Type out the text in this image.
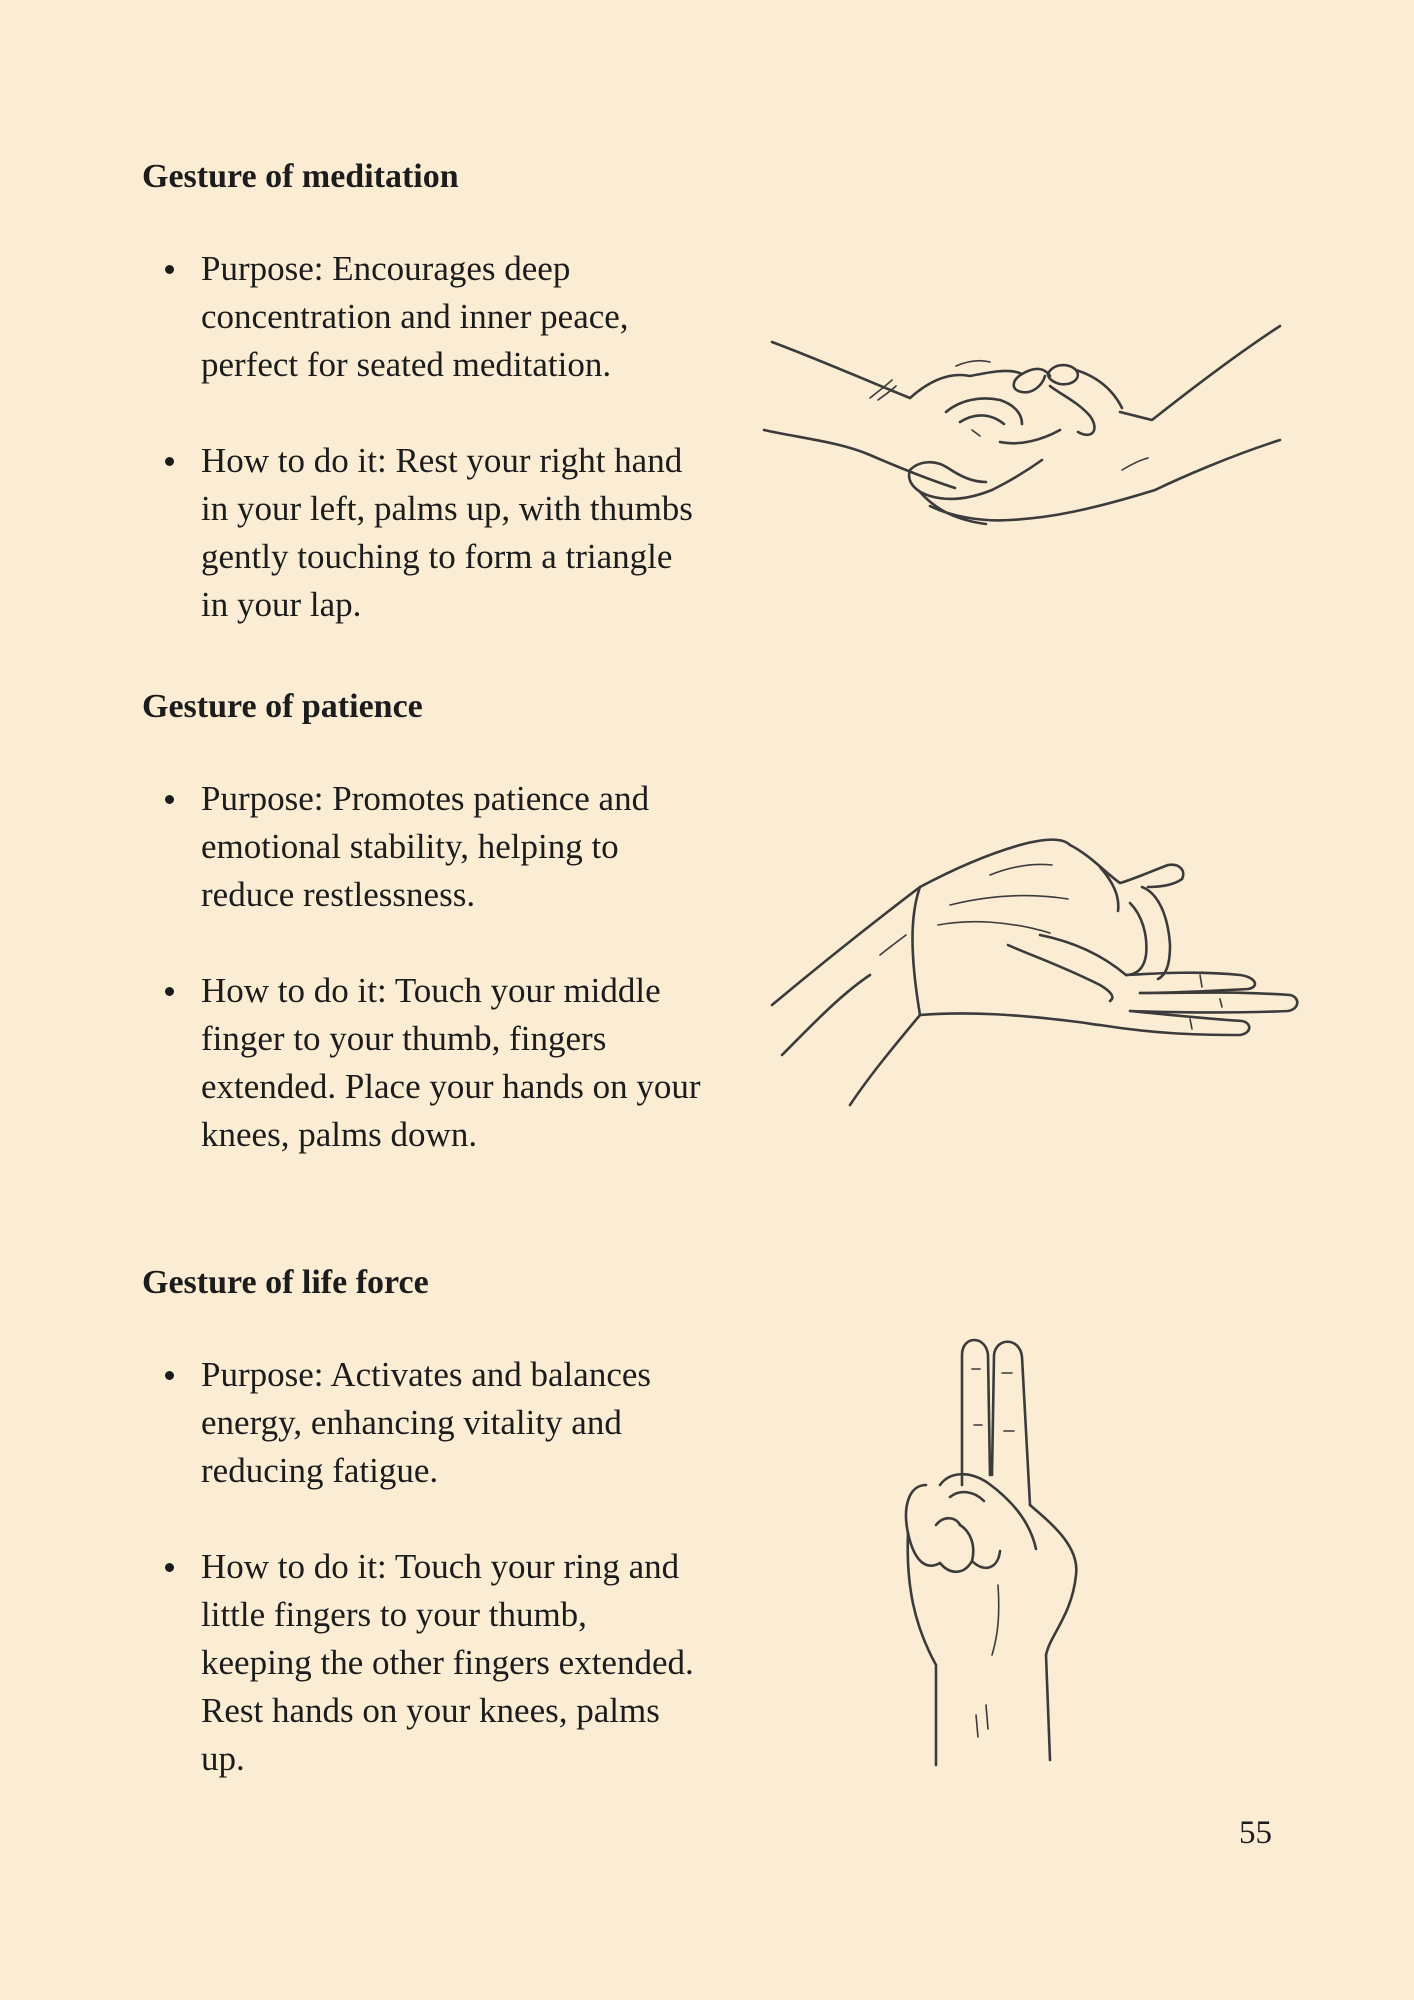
Gesture of meditation
Purpose: Encourages deep concentration and inner peace, perfect for seated meditation.
How to do it: Rest your right hand in your left, palms up, with thumbs gently touching to form a triangle in your lap.
Gesture of patience
Purpose: Promotes patience and emotional stability, helping to reduce restlessness.
How to do it: Touch your middle finger to your thumb, fingers extended. Place your hands on your knees, palms down.
Gesture of life force
Purpose: Activates and balances energy, enhancing vitality and reducing fatigue.
How to do it: Touch your ring and little fingers to your thumb, keeping the other fingers extended. Rest hands on your knees, palms up.
55
